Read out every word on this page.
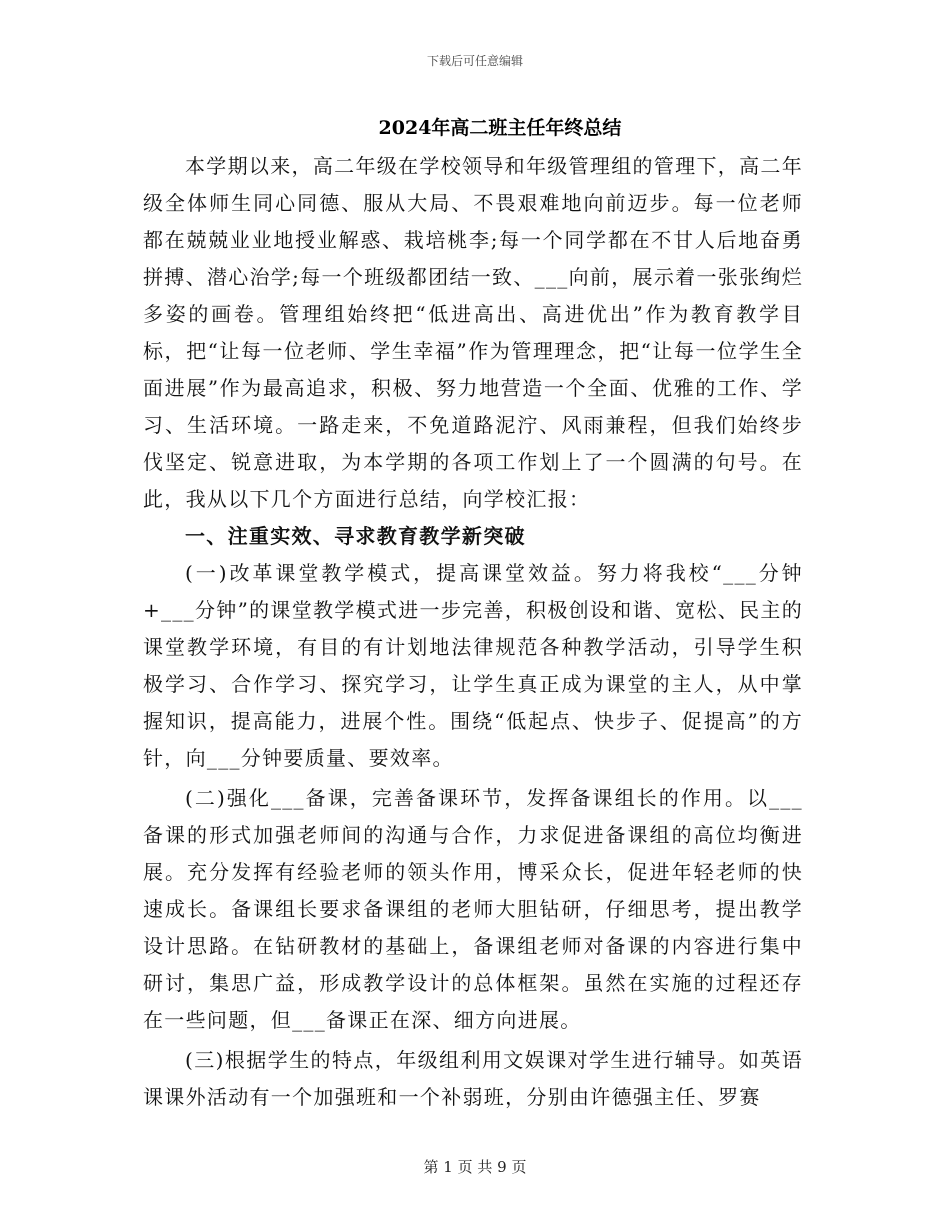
下载后可任意编辑
2024年高二班主任年终总结

本学期以来，高二年级在学校领导和年级管理组的管理下，高二年级全体师生同心同德、服从大局、不畏艰难地向前迈步。每一位老师都在兢兢业业地授业解惑、栽培桃李;每一个同学都在不甘人后地奋勇拼搏、潜心治学;每一个班级都团结一致、___向前，展示着一张张绚烂多姿的画卷。管理组始终把“低进高出、高进优出”作为教育教学目标，把“让每一位老师、学生幸福”作为管理理念，把“让每一位学生全面进展”作为最高追求，积极、努力地营造一个全面、优雅的工作、学习、生活环境。一路走来，不免道路泥泞、风雨兼程，但我们始终步伐坚定、锐意进取，为本学期的各项工作划上了一个圆满的句号。在此，我从以下几个方面进行总结，向学校汇报：

一、注重实效、寻求教育教学新突破

(一)改革课堂教学模式，提高课堂效益。努力将我校“___分钟+___分钟”的课堂教学模式进一步完善，积极创设和谐、宽松、民主的课堂教学环境，有目的有计划地法律规范各种教学活动，引导学生积极学习、合作学习、探究学习，让学生真正成为课堂的主人，从中掌握知识，提高能力，进展个性。围绕“低起点、快步子、促提高”的方针，向___分钟要质量、要效率。

(二)强化___备课，完善备课环节，发挥备课组长的作用。以___备课的形式加强老师间的沟通与合作，力求促进备课组的高位均衡进展。充分发挥有经验老师的领头作用，博采众长，促进年轻老师的快速成长。备课组长要求备课组的老师大胆钻研，仔细思考，提出教学设计思路。在钻研教材的基础上，备课组老师对备课的内容进行集中研讨，集思广益，形成教学设计的总体框架。虽然在实施的过程还存在一些问题，但___备课正在深、细方向进展。

(三)根据学生的特点，年级组利用文娱课对学生进行辅导。如英语课课外活动有一个加强班和一个补弱班，分别由许德强主任、罗赛

第 1 页 共 9 页
